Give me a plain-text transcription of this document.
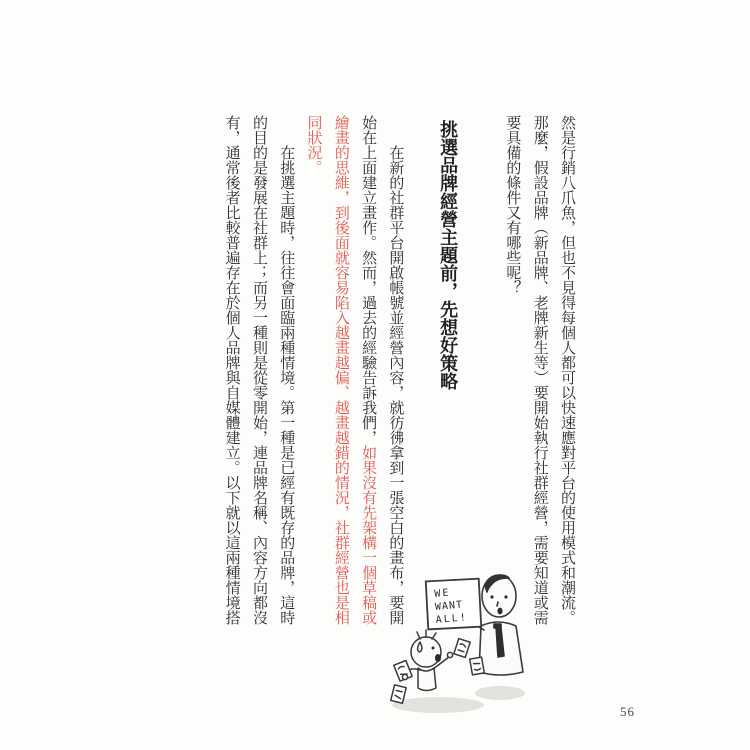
然是行銷八爪魚，但也不見得每個人都可以快速應對平台的使用模式和潮流。

那麼，假設品牌（新品牌、老牌新生等）要開始執行社群經營，需要知道或需要具備的條件又有哪些呢？

挑選品牌經營主題前，先想好策略

在新的社群平台開啟帳號並經營內容，就彷彿拿到一張空白的畫布，要開始在上面建立畫作。然而，過去的經驗告訴我們，如果沒有先架構一個草稿或繪畫的思維，到後面就容易陷入越畫越偏、越畫越錯的情況，社群經營也是相同狀況。

在挑選主題時，往往會面臨兩種情境。第一種是已經有既存的品牌，這時的目的是發展在社群上；而另一種則是從零開始，連品牌名稱、內容方向都沒有，通常後者比較普遍存在於個人品牌與自媒體建立。以下就以這兩種情境搭	WE
WANT
ALL!
56
